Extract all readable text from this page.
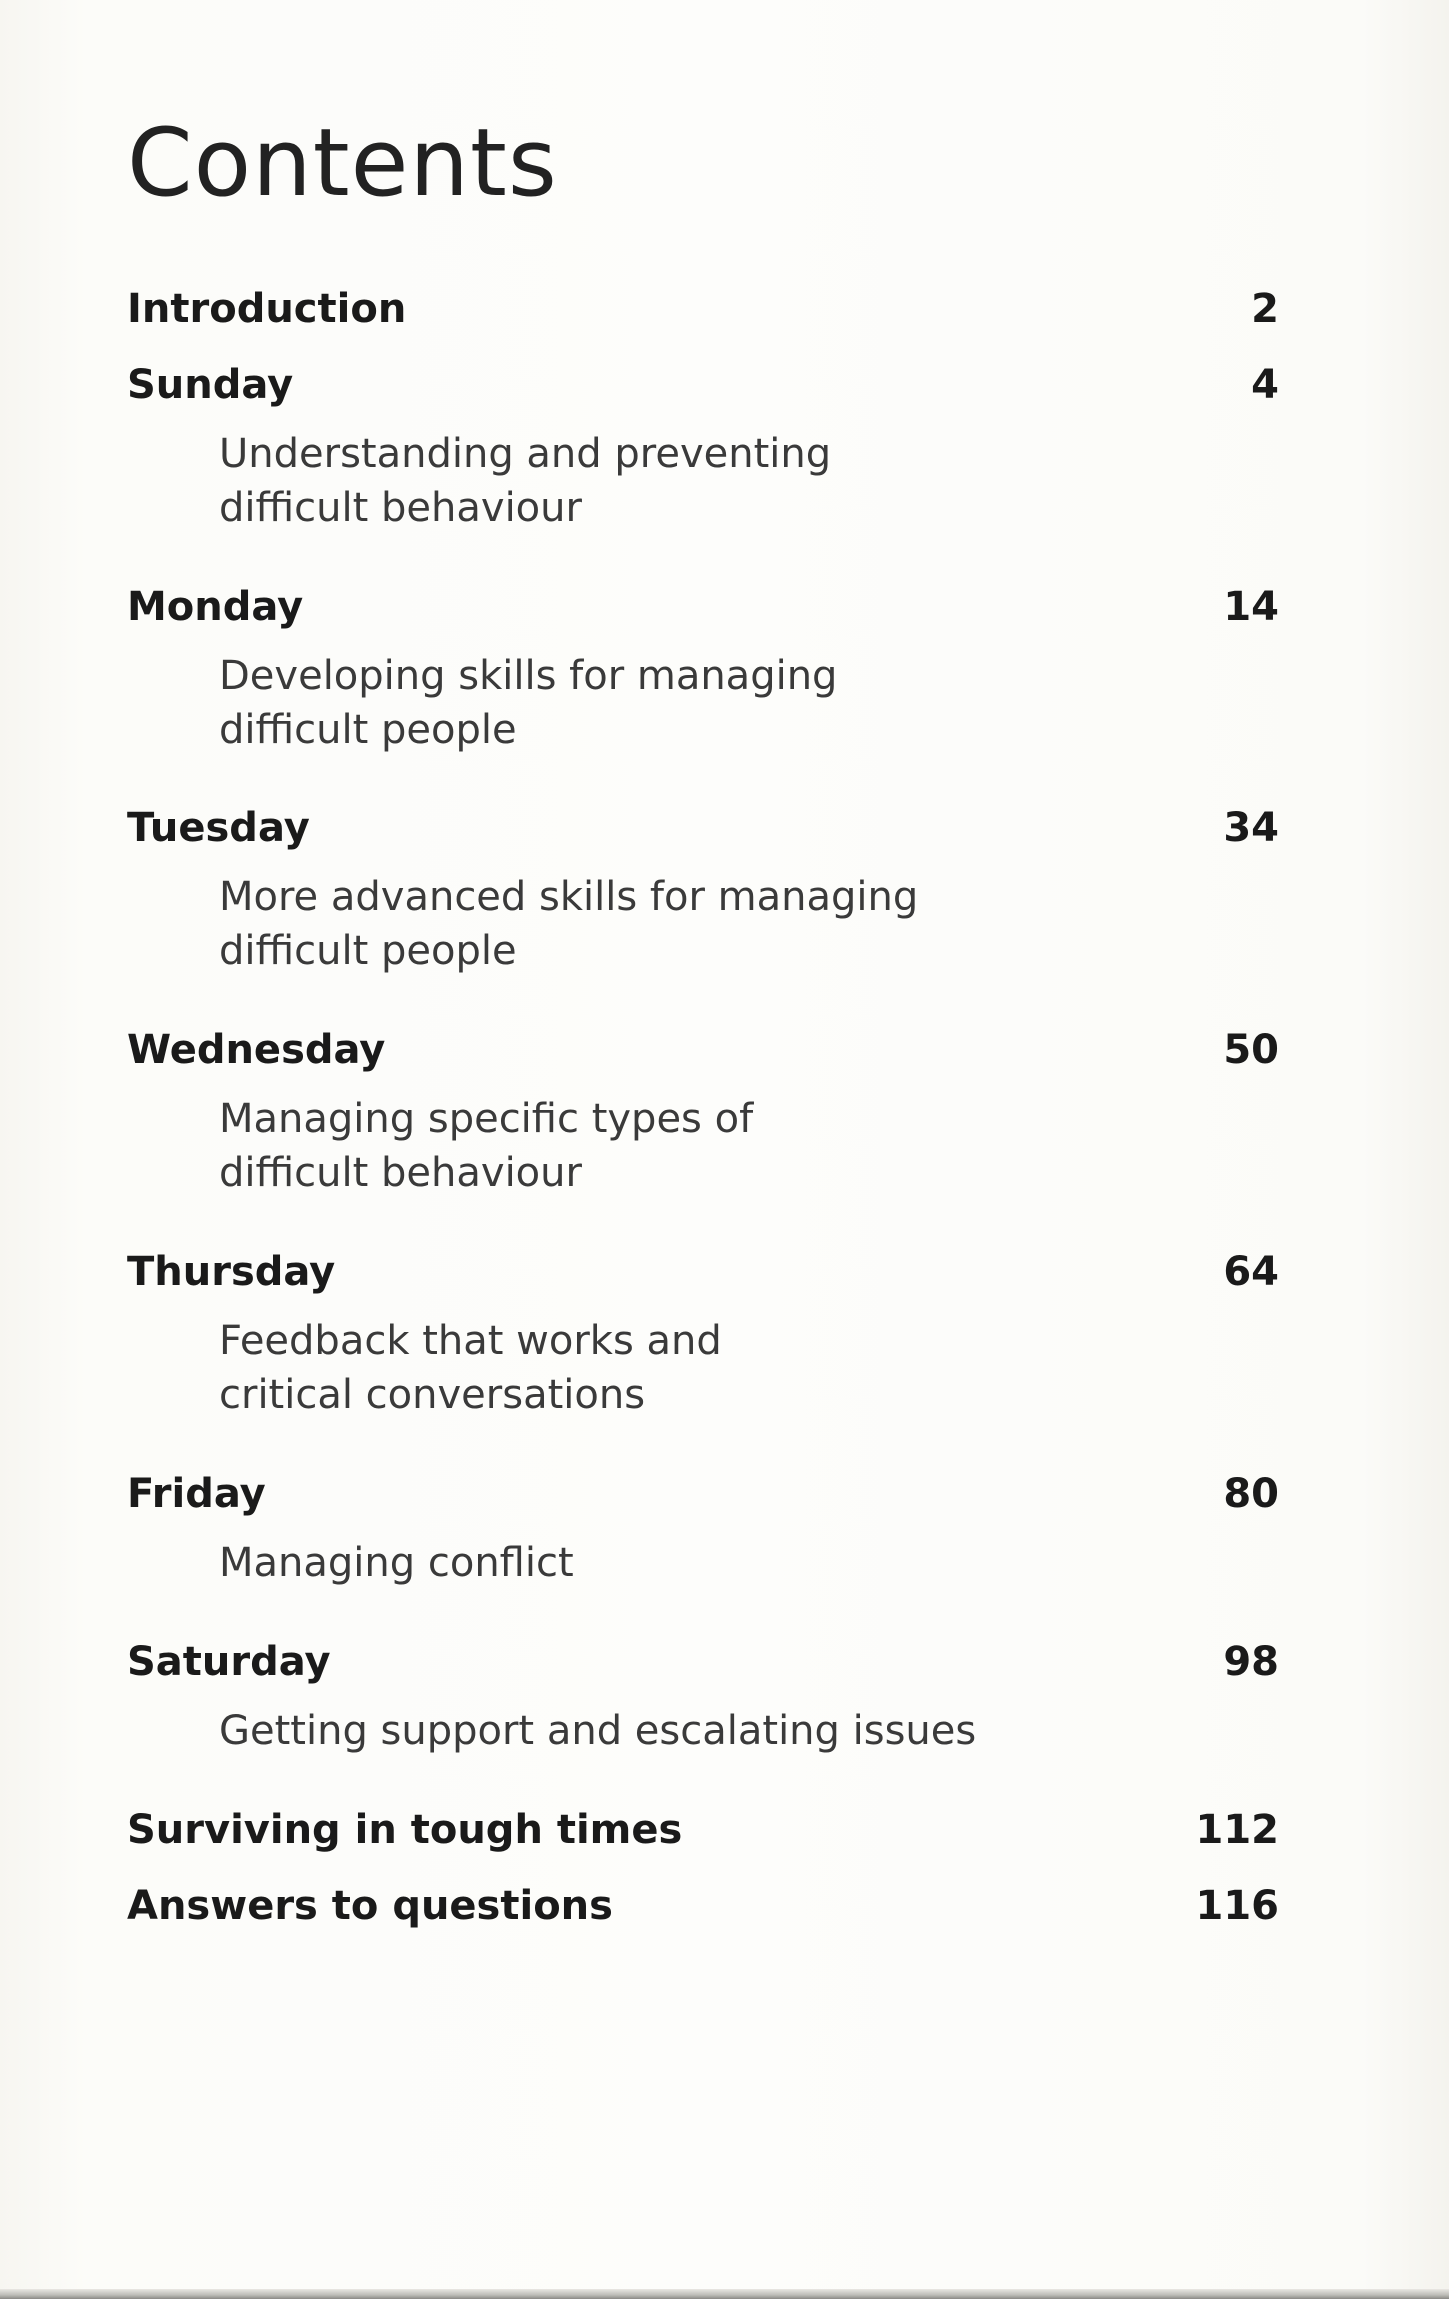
Contents
Introduction	2
Sunday	4
Understanding and preventing
difficult behaviour
Monday	14
Developing skills for managing
difficult people
Tuesday	34
More advanced skills for managing
difficult people
Wednesday	50
Managing specific types of
difficult behaviour
Thursday	64
Feedback that works and
critical conversations
Friday	80
Managing conflict
Saturday	98
Getting support and escalating issues
Surviving in tough times	112
Answers to questions	116
